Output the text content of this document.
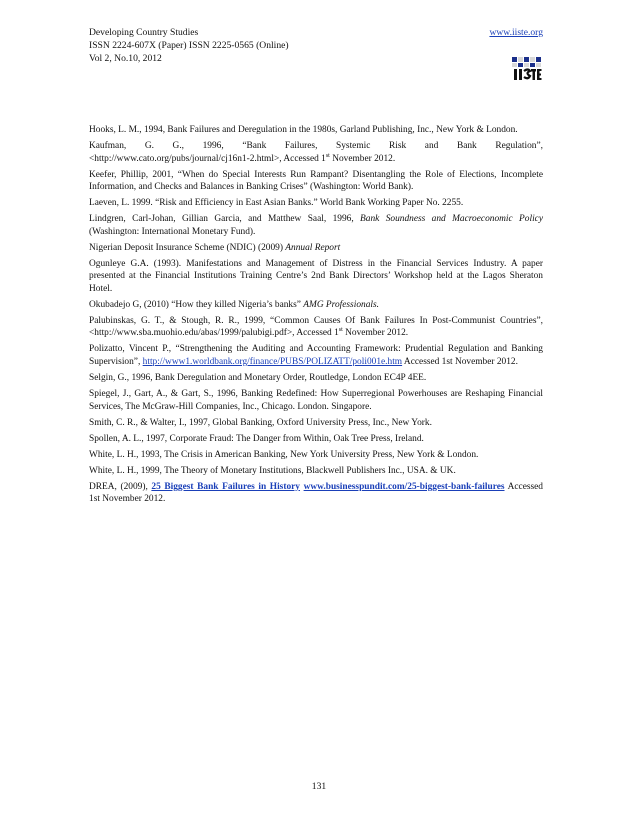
Developing Country Studies
ISSN 2224-607X (Paper) ISSN 2225-0565 (Online)
Vol 2, No.10, 2012
www.iiste.org
Hooks, L. M., 1994, Bank Failures and Deregulation in the 1980s, Garland Publishing, Inc., New York & London.
Kaufman, G. G., 1996, “Bank Failures, Systemic Risk and Bank Regulation”, <http://www.cato.org/pubs/journal/cj16n1-2.html>, Accessed 1st November 2012.
Keefer, Phillip, 2001, “When do Special Interests Run Rampant? Disentangling the Role of Elections, Incomplete Information, and Checks and Balances in Banking Crises” (Washington: World Bank).
Laeven, L. 1999. “Risk and Efficiency in East Asian Banks.” World Bank Working Paper No. 2255.
Lindgren, Carl-Johan, Gillian Garcia, and Matthew Saal, 1996, Bank Soundness and Macroeconomic Policy (Washington: International Monetary Fund).
Nigerian Deposit Insurance Scheme (NDIC) (2009) Annual Report
Ogunleye G.A. (1993). Manifestations and Management of Distress in the Financial Services Industry. A paper presented at the Financial Institutions Training Centre’s 2nd Bank Directors’ Workshop held at the Lagos Sheraton Hotel.
Okubadejo G, (2010) “How they killed Nigeria’s banks” AMG Professionals.
Palubinskas, G. T., & Stough, R. R., 1999, “Common Causes Of Bank Failures In Post-Communist Countries”, <http://www.sba.muohio.edu/abas/1999/palubigi.pdf>, Accessed 1st November 2012.
Polizatto, Vincent P., “Strengthening the Auditing and Accounting Framework: Prudential Regulation and Banking Supervision”, http://www1.worldbank.org/finance/PUBS/POLIZATT/poli001e.htm Accessed 1st November 2012.
Selgin, G., 1996, Bank Deregulation and Monetary Order, Routledge, London EC4P 4EE.
Spiegel, J., Gart, A., & Gart, S., 1996, Banking Redefined: How Superregional Powerhouses are Reshaping Financial Services, The McGraw-Hill Companies, Inc., Chicago. London. Singapore.
Smith, C. R., & Walter, I., 1997, Global Banking, Oxford University Press, Inc., New York.
Spollen, A. L., 1997, Corporate Fraud: The Danger from Within, Oak Tree Press, Ireland.
White, L. H., 1993, The Crisis in American Banking, New York University Press, New York & London.
White, L. H., 1999, The Theory of Monetary Institutions, Blackwell Publishers Inc., USA. & UK.
DREA, (2009), 25 Biggest Bank Failures in History www.businesspundit.com/25-biggest-bank-failures Accessed 1st November 2012.
131
